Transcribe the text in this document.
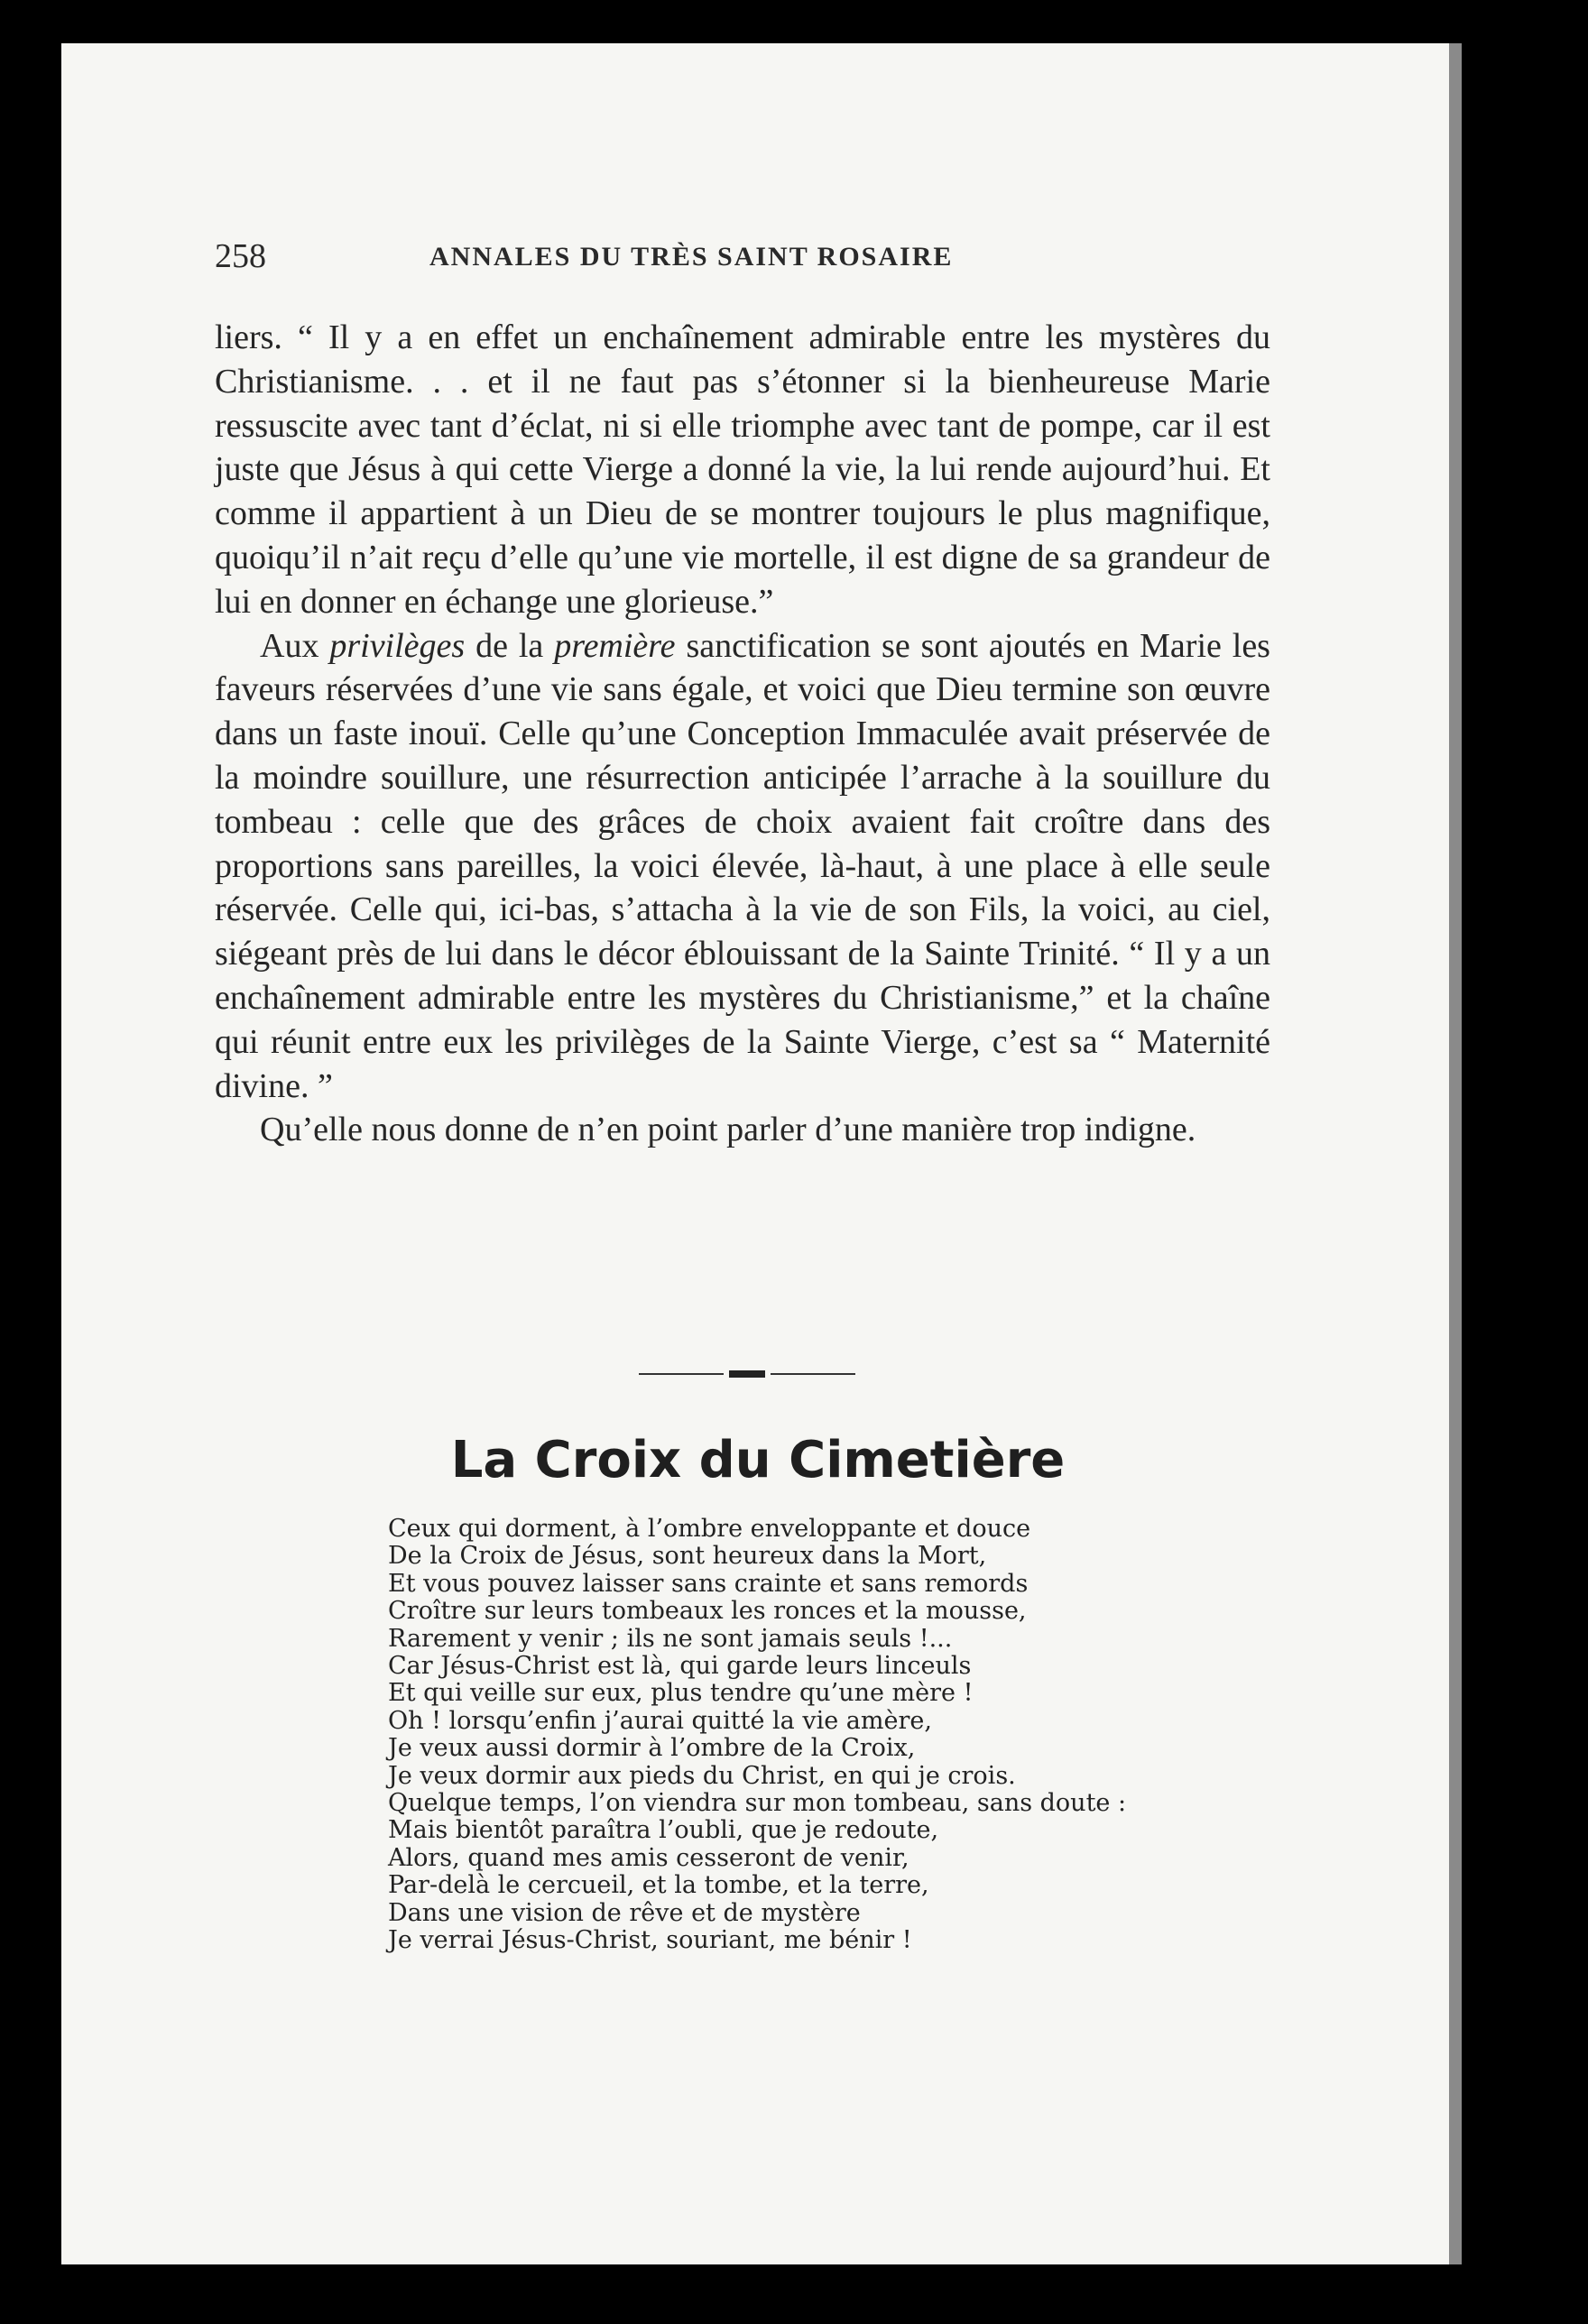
258	ANNALES DU TRÈS SAINT ROSAIRE

liers. “ Il y a en effet un enchaînement admirable entre les mystères du Christianisme. . . et il ne faut pas s’étonner si la bienheureuse Marie ressuscite avec tant d’éclat, ni si elle triomphe avec tant de pompe, car il est juste que Jésus à qui cette Vierge a donné la vie, la lui rende aujourd’hui. Et comme il appartient à un Dieu de se montrer toujours le plus magnifique, quoiqu’il n’ait reçu d’elle qu’une vie mortelle, il est digne de sa grandeur de lui en donner en échange une glorieuse.”

Aux privilèges de la première sanctification se sont ajoutés en Marie les faveurs réservées d’une vie sans égale, et voici que Dieu termine son œuvre dans un faste inouï. Celle qu’une Conception Immaculée avait préservée de la moindre souillure, une résurrection anticipée l’arrache à la souillure du tombeau : celle que des grâces de choix avaient fait croître dans des proportions sans pareilles, la voici élevée, là-haut, à une place à elle seule réservée. Celle qui, ici-bas, s’attacha à la vie de son Fils, la voici, au ciel, siégeant près de lui dans le décor éblouissant de la Sainte Trinité. “ Il y a un enchaînement admirable entre les mystères du Christianisme,” et la chaîne qui réunit entre eux les privilèges de la Sainte Vierge, c’est sa “ Maternité divine. ”

Qu’elle nous donne de n’en point parler d’une manière trop indigne.

La Croix du Cimetière
Ceux qui dorment, à l’ombre enveloppante et douce
De la Croix de Jésus, sont heureux dans la Mort,
Et vous pouvez laisser sans crainte et sans remords
Croître sur leurs tombeaux les ronces et la mousse,
Rarement y venir ; ils ne sont jamais seuls !...
Car Jésus-Christ est là, qui garde leurs linceuls
Et qui veille sur eux, plus tendre qu’une mère !
Oh ! lorsqu’enfin j’aurai quitté la vie amère,
Je veux aussi dormir à l’ombre de la Croix,
Je veux dormir aux pieds du Christ, en qui je crois.
Quelque temps, l’on viendra sur mon tombeau, sans doute :
Mais bientôt paraîtra l’oubli, que je redoute,
Alors, quand mes amis cesseront de venir,
Par-delà le cercueil, et la tombe, et la terre,
Dans une vision de rêve et de mystère
Je verrai Jésus-Christ, souriant, me bénir !
